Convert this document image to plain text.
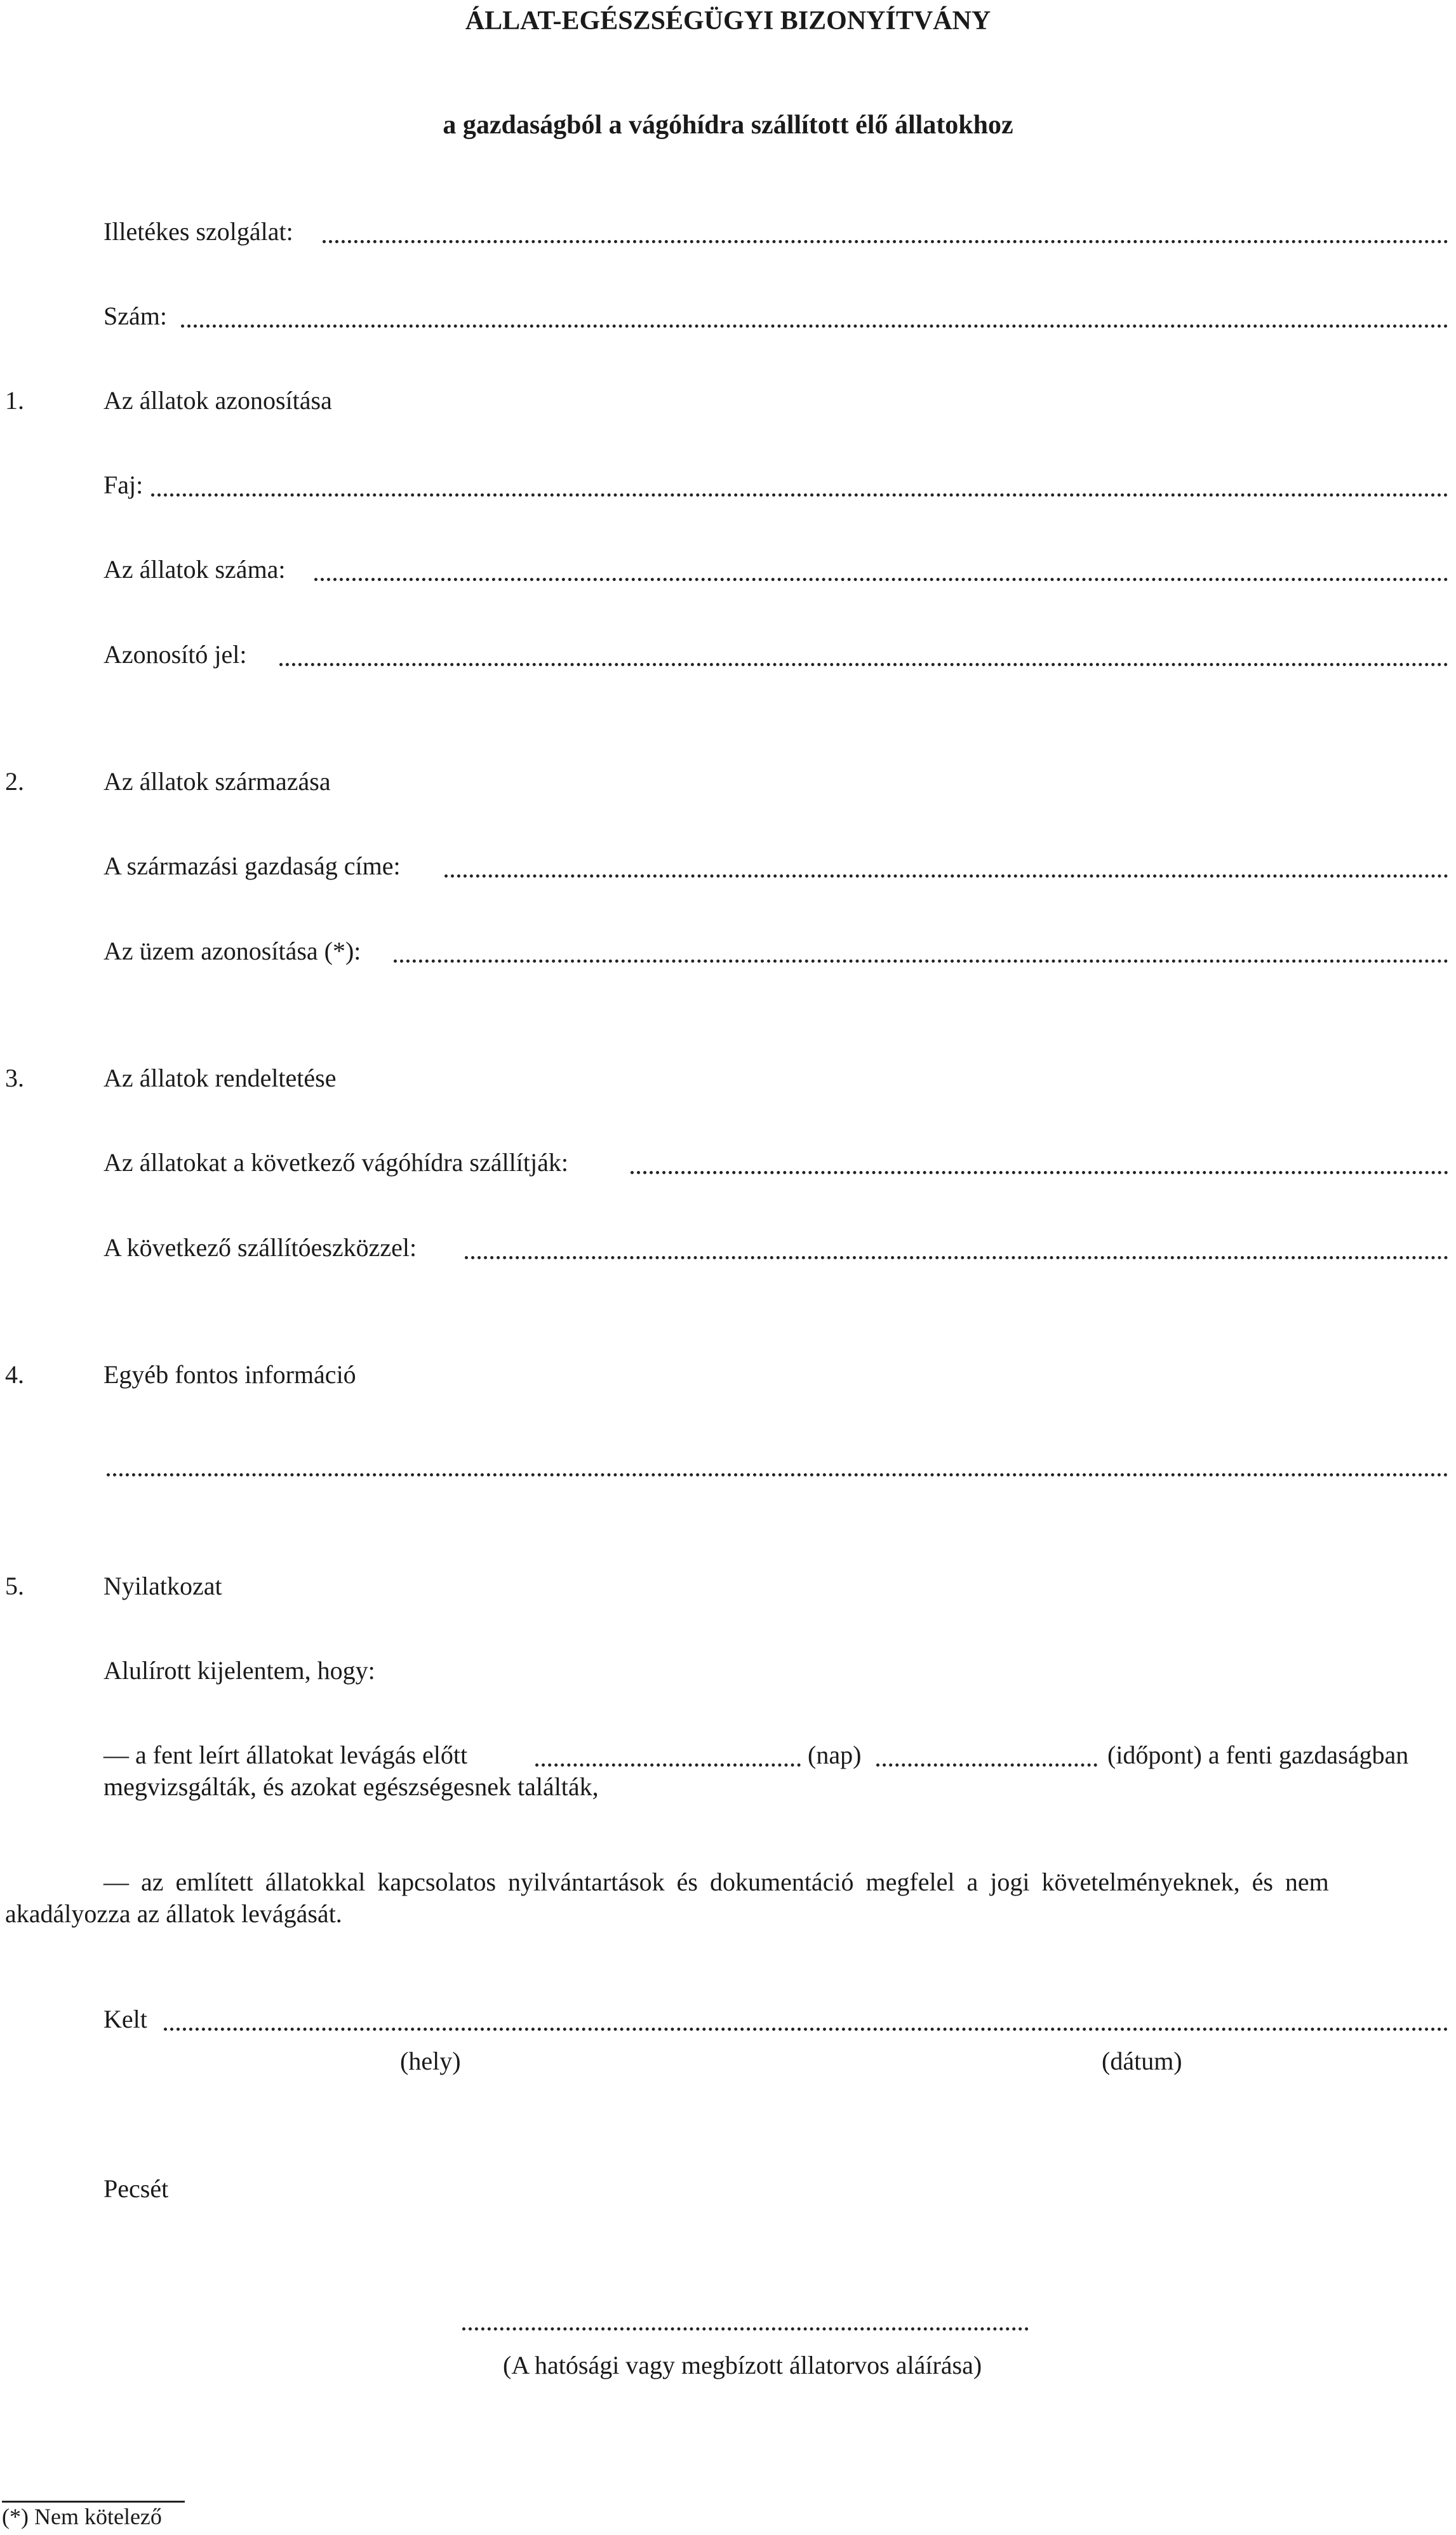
ÁLLAT-EGÉSZSÉGÜGYI BIZONYÍTVÁNY
a gazdaságból a vágóhídra szállított élő állatokhoz
Illetékes szolgálat:
Szám:
1.	Az állatok azonosítása
Faj:
Az állatok száma:
Azonosító jel:
2.	Az állatok származása
A származási gazdaság címe:
Az üzem azonosítása (*):
3.	Az állatok rendeltetése
Az állatokat a következő vágóhídra szállítják:
A következő szállítóeszközzel:
4.	Egyéb fontos információ
5.	Nyilatkozat
Alulírott kijelentem, hogy:
— a fent leírt állatokat levágás előtt	(nap)	(időpont) a fenti gazdaságban
megvizsgálták, és azokat egészségesnek találták,
— az említett állatokkal kapcsolatos nyilvántartások és dokumentáció megfelel a jogi követelményeknek, és nem
akadályozza az állatok levágását.
Kelt
(hely)	(dátum)
Pecsét
(A hatósági vagy megbízott állatorvos aláírása)
(*) Nem kötelező
